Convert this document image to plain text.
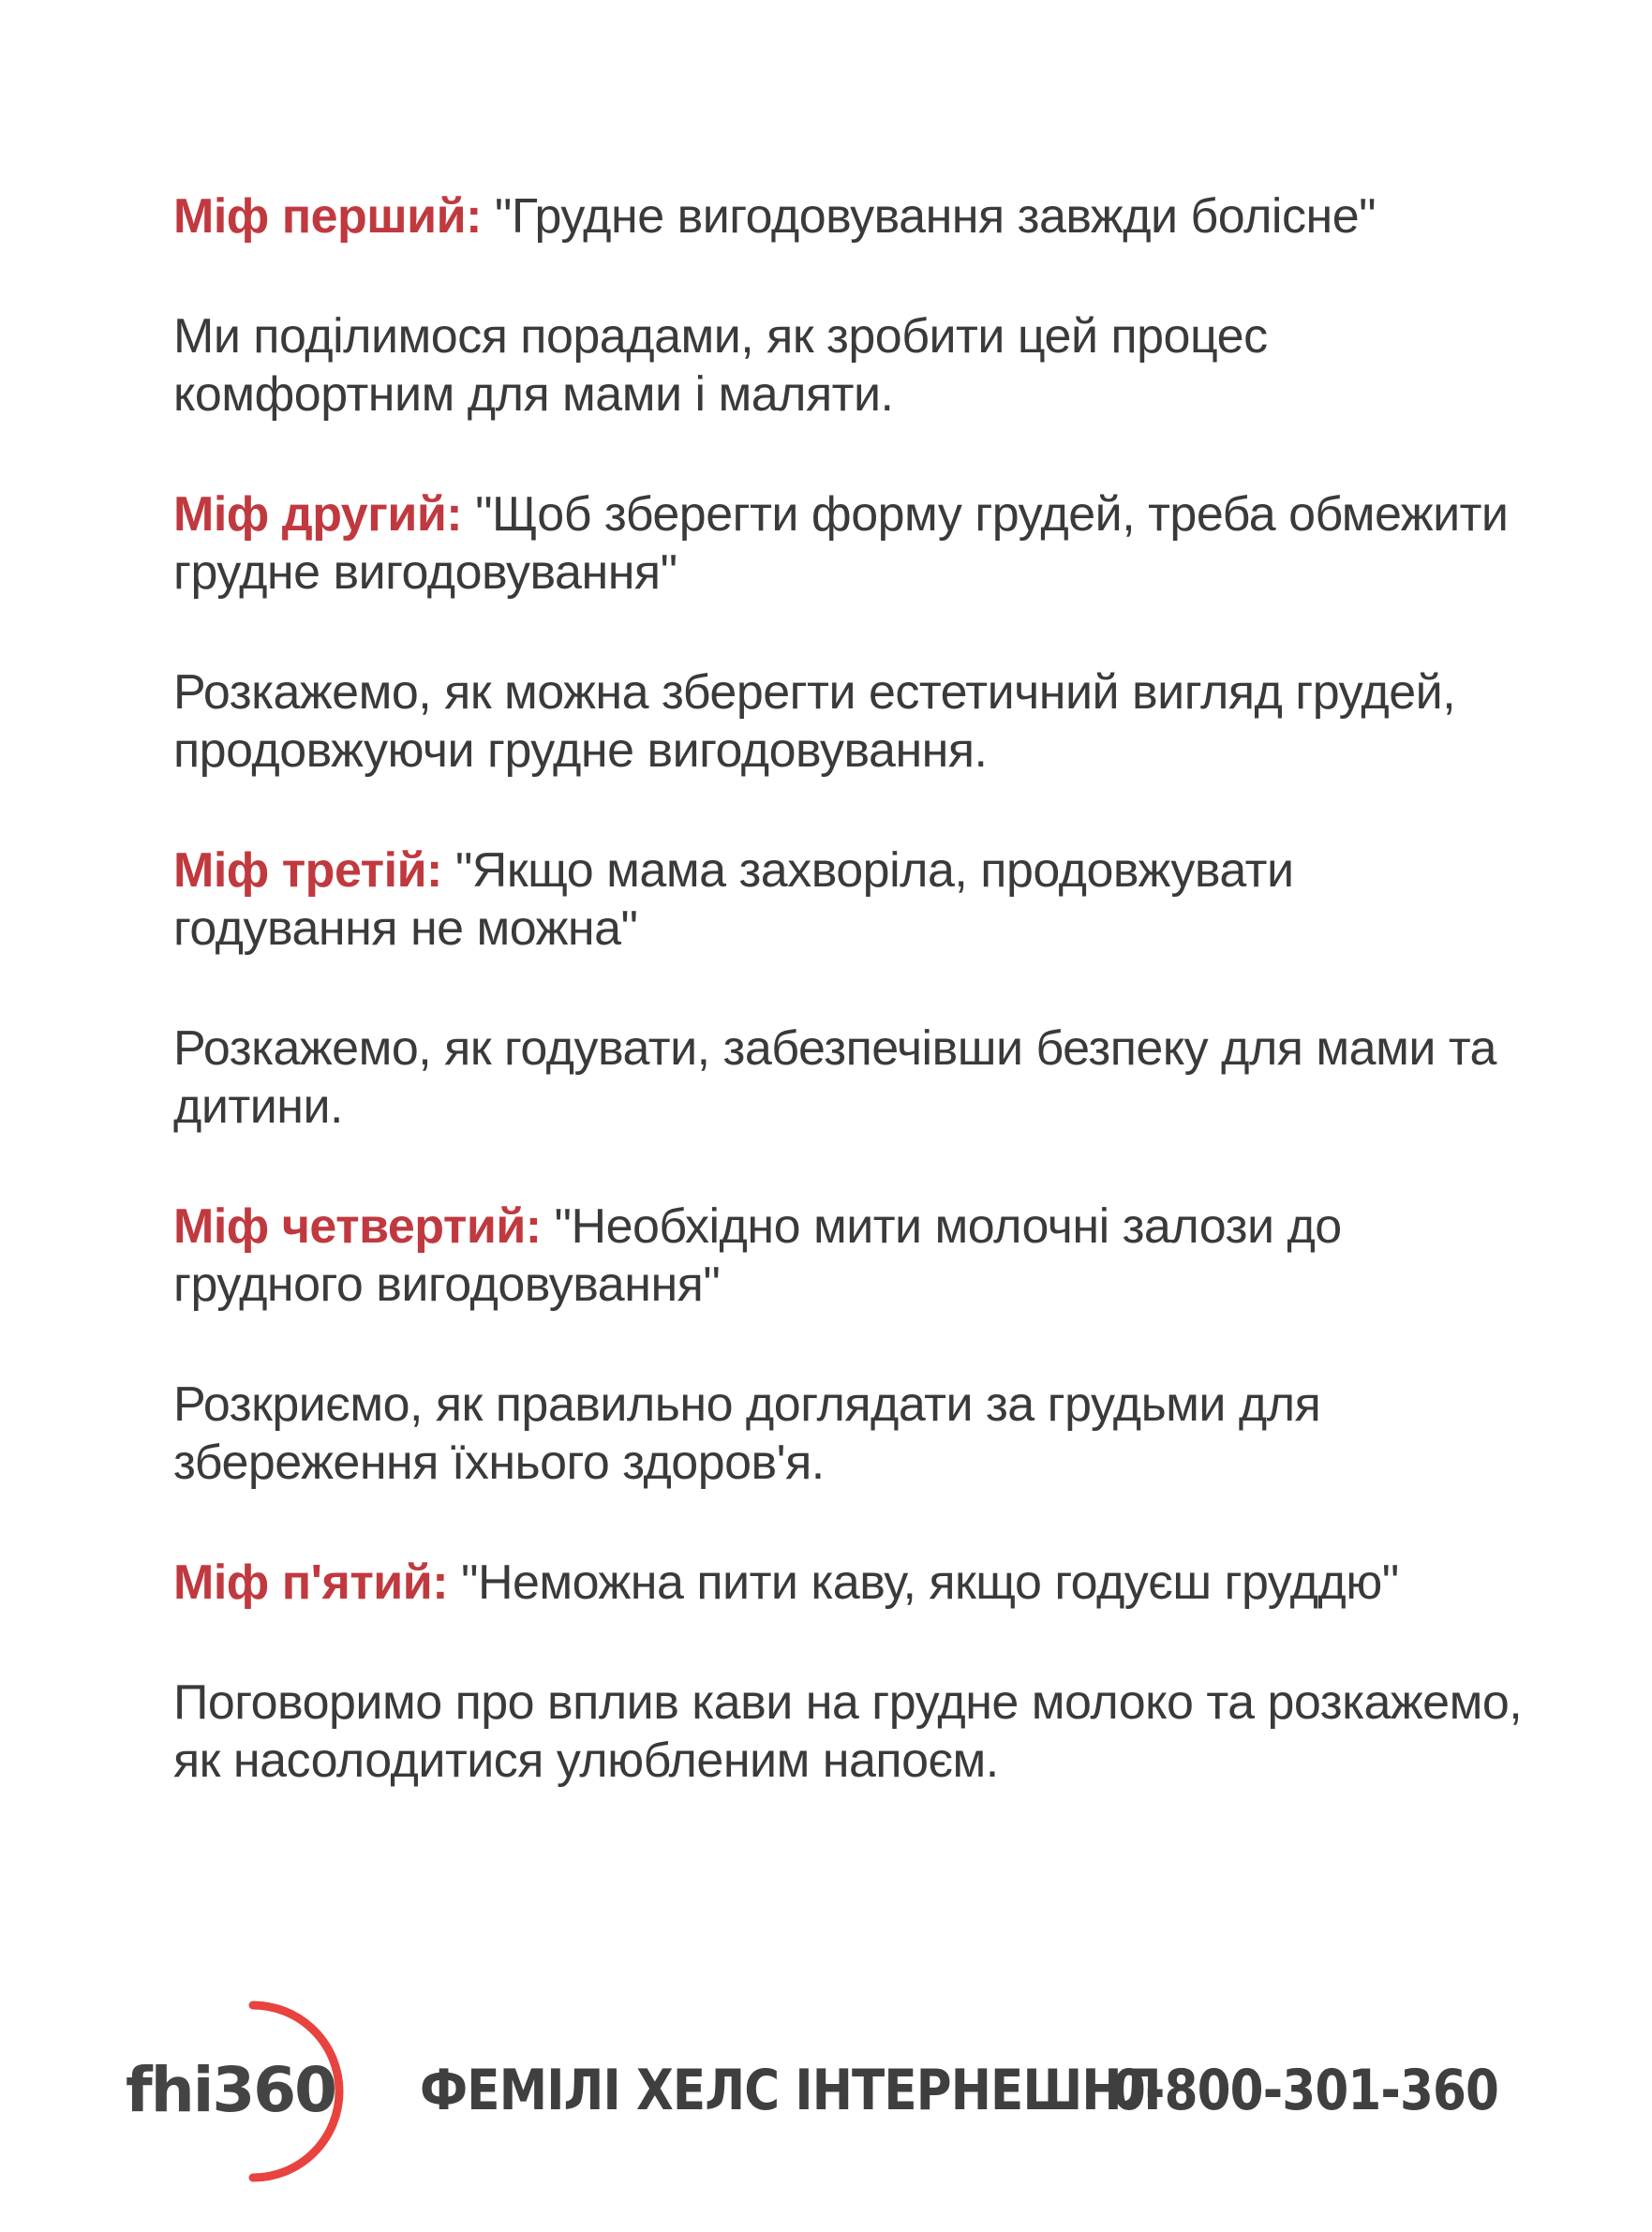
Міф перший: "Грудне вигодовування завжди болісне"

Ми поділимося порадами, як зробити цей процес комфортним для мами і маляти.

Міф другий: "Щоб зберегти форму грудей, треба обмежити грудне вигодовування"

Розкажемо, як можна зберегти естетичний вигляд грудей, продовжуючи грудне вигодовування.

Міф третій: "Якщо мама захворіла, продовжувати годування не можна"

Розкажемо, як годувати, забезпечівши безпеку для мами та дитини.

Міф четвертий: "Необхідно мити молочні залози до грудного вигодовування"

Розкриємо, як правильно доглядати за грудьми для збереження їхнього здоров'я.

Міф п'ятий: "Неможна пити каву, якщо годуєш груддю"

Поговоримо про вплив кави на грудне молоко та розкажемо, як насолодитися улюбленим напоєм.

fhi360 ФЕМІЛІ ХЕЛС ІНТЕРНЕШНЛ
0-800-301-360
